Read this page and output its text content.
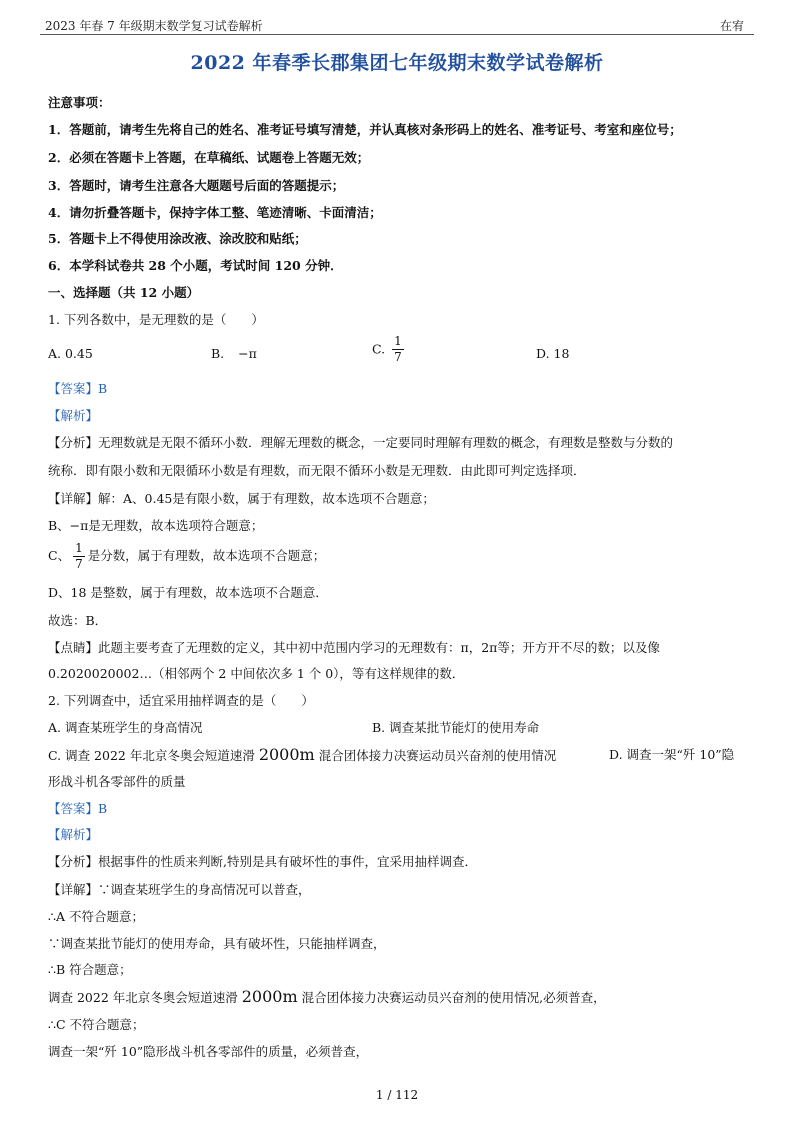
2023 年春 7 年级期末数学复习试卷解析	在宥
2022 年春季长郡集团七年级期末数学试卷解析
注意事项：
1．答题前，请考生先将自己的姓名、准考证号填写清楚，并认真核对条形码上的姓名、准考证号、考室和座位号；
2．必须在答题卡上答题，在草稿纸、试题卷上答题无效；
3．答题时，请考生注意各大题题号后面的答题提示；
4．请勿折叠答题卡，保持字体工整、笔迹清晰、卡面清洁；
5．答题卡上不得使用涂改液、涂改胶和贴纸；
6．本学科试卷共 28 个小题，考试时间 120 分钟．
一、选择题（共 12 小题）
1. 下列各数中，是无理数的是（　　）
A. 0.45	B. −π	C. $\frac{1}{7}$	D. 18
【答案】B
【解析】
【分析】无理数就是无限不循环小数．理解无理数的概念，一定要同时理解有理数的概念，有理数是整数与分数的
统称．即有限小数和无限循环小数是有理数，而无限不循环小数是无理数．由此即可判定选择项．
【详解】解：A、0.45是有限小数，属于有理数，故本选项不合题意；
B、−π是无理数，故本选项符合题意；
C、 $\frac{1}{7}$ 是分数，属于有理数，故本选项不合题意；
D、18 是整数，属于有理数，故本选项不合题意．
故选：B．
【点睛】此题主要考查了无理数的定义，其中初中范围内学习的无理数有：π，2π等；开方开不尽的数；以及像
0.2020020002…（相邻两个 2 中间依次多 1 个 0），等有这样规律的数．
2. 下列调查中，适宜采用抽样调查的是（　　）
A. 调查某班学生的身高情况	B. 调查某批节能灯的使用寿命
C. 调查 2022 年北京冬奥会短道速滑 2000m 混合团体接力决赛运动员兴奋剂的使用情况	D. 调查一架“歼 10”隐
形战斗机各零部件的质量
【答案】B
【解析】
【分析】根据事件的性质来判断,特别是具有破坏性的事件，宜采用抽样调查．
【详解】∵调查某班学生的身高情况可以普查，
∴A 不符合题意；
∵调查某批节能灯的使用寿命，具有破坏性，只能抽样调查，
∴B 符合题意；
调查 2022 年北京冬奥会短道速滑 2000m 混合团体接力决赛运动员兴奋剂的使用情况,必须普查，
∴C 不符合题意；
调查一架“歼 10”隐形战斗机各零部件的质量，必须普查，
1 / 112
